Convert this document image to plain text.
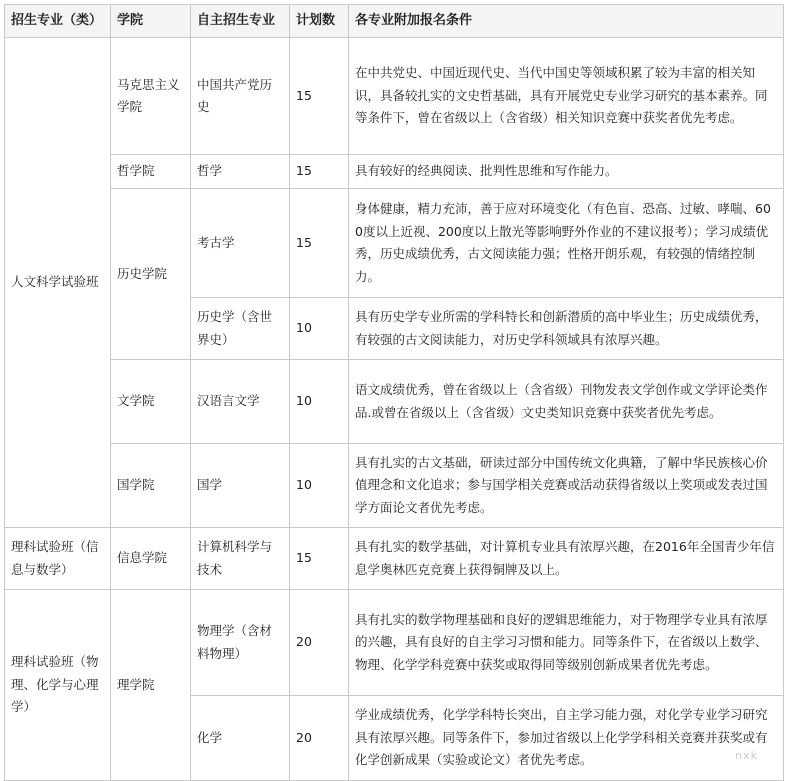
招生专业（类）	学院	自主招生专业	计划数	各专业附加报名条件
人文科学试验班	马克思主义学院	中国共产党历史	15	在中共党史、中国近现代史、当代中国史等领域积累了较为丰富的相关知识，具备较扎实的文史哲基础，具有开展党史专业学习研究的基本素养。同等条件下，曾在省级以上（含省级）相关知识竞赛中获奖者优先考虑。
	哲学院	哲学	15	具有较好的经典阅读、批判性思维和写作能力。
	历史学院	考古学	15	身体健康，精力充沛，善于应对环境变化（有色盲、恐高、过敏、哮喘、600度以上近视、200度以上散光等影响野外作业的不建议报考）；学习成绩优秀，历史成绩优秀，古文阅读能力强；性格开朗乐观，有较强的情绪控制力。
		历史学（含世界史）	10	具有历史学专业所需的学科特长和创新潜质的高中毕业生；历史成绩优秀，有较强的古文阅读能力，对历史学科领域具有浓厚兴趣。
	文学院	汉语言文学	10	语文成绩优秀，曾在省级以上（含省级）刊物发表文学创作或文学评论类作品.或曾在省级以上（含省级）文史类知识竞赛中获奖者优先考虑。
	国学院	国学	10	具有扎实的古文基础，研读过部分中国传统文化典籍，了解中华民族核心价值理念和文化追求；参与国学相关竞赛或活动获得省级以上奖项或发表过国学方面论文者优先考虑。
理科试验班（信息与数学）	信息学院	计算机科学与技术	15	具有扎实的数学基础，对计算机专业具有浓厚兴趣，在2016年全国青少年信息学奥林匹克竞赛上获得铜牌及以上。
理科试验班（物理、化学与心理学）	理学院	物理学（含材料物理）	20	具有扎实的数学物理基础和良好的逻辑思维能力，对于物理学专业具有浓厚的兴趣，具有良好的自主学习习惯和能力。同等条件下，在省级以上数学、物理、化学学科竞赛中获奖或取得同等级别创新成果者优先考虑。
		化学	20	学业成绩优秀，化学学科特长突出，自主学习能力强，对化学专业学习研究具有浓厚兴趣。同等条件下，参加过省级以上化学学科相关竞赛并获奖或有化学创新成果（实验或论文）者优先考虑。	nxk
